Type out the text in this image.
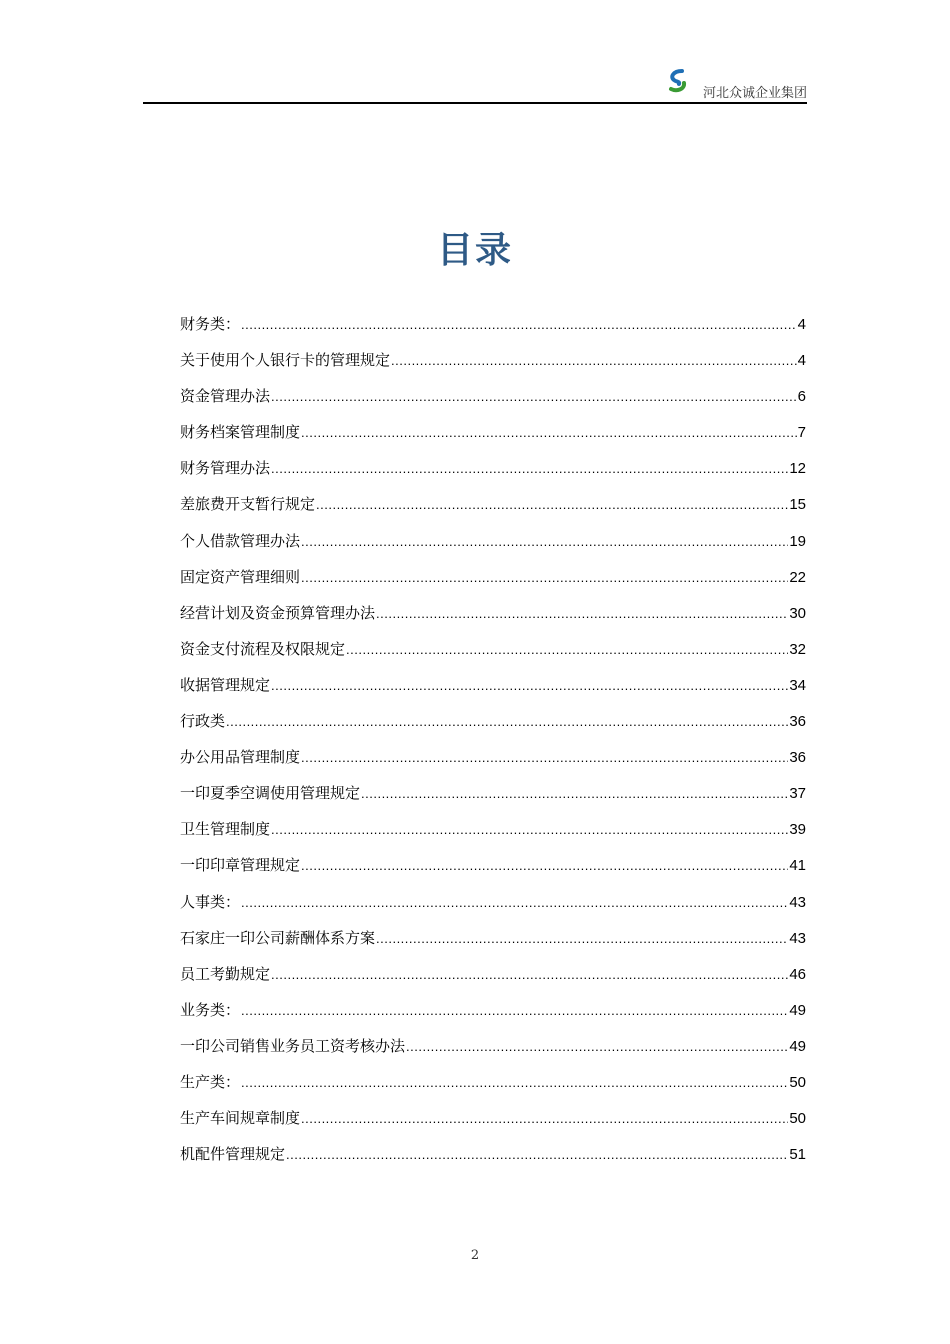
河北众诚企业集团
目录
财务类： .....	4
关于使用个人银行卡的管理规定 .....	4
资金管理办法 .....	6
财务档案管理制度 .....	7
财务管理办法 .....	12
差旅费开支暂行规定 .....	15
个人借款管理办法 .....	19
固定资产管理细则 .....	22
经营计划及资金预算管理办法 .....	30
资金支付流程及权限规定 .....	32
收据管理规定 .....	34
行政类 .....	36
办公用品管理制度 .....	36
一印夏季空调使用管理规定 .....	37
卫生管理制度 .....	39
一印印章管理规定 .....	41
人事类： .....	43
石家庄一印公司薪酬体系方案 .....	43
员工考勤规定 .....	46
业务类： .....	49
一印公司销售业务员工资考核办法 .....	49
生产类： .....	50
生产车间规章制度 .....	50
机配件管理规定 .....	51
2
